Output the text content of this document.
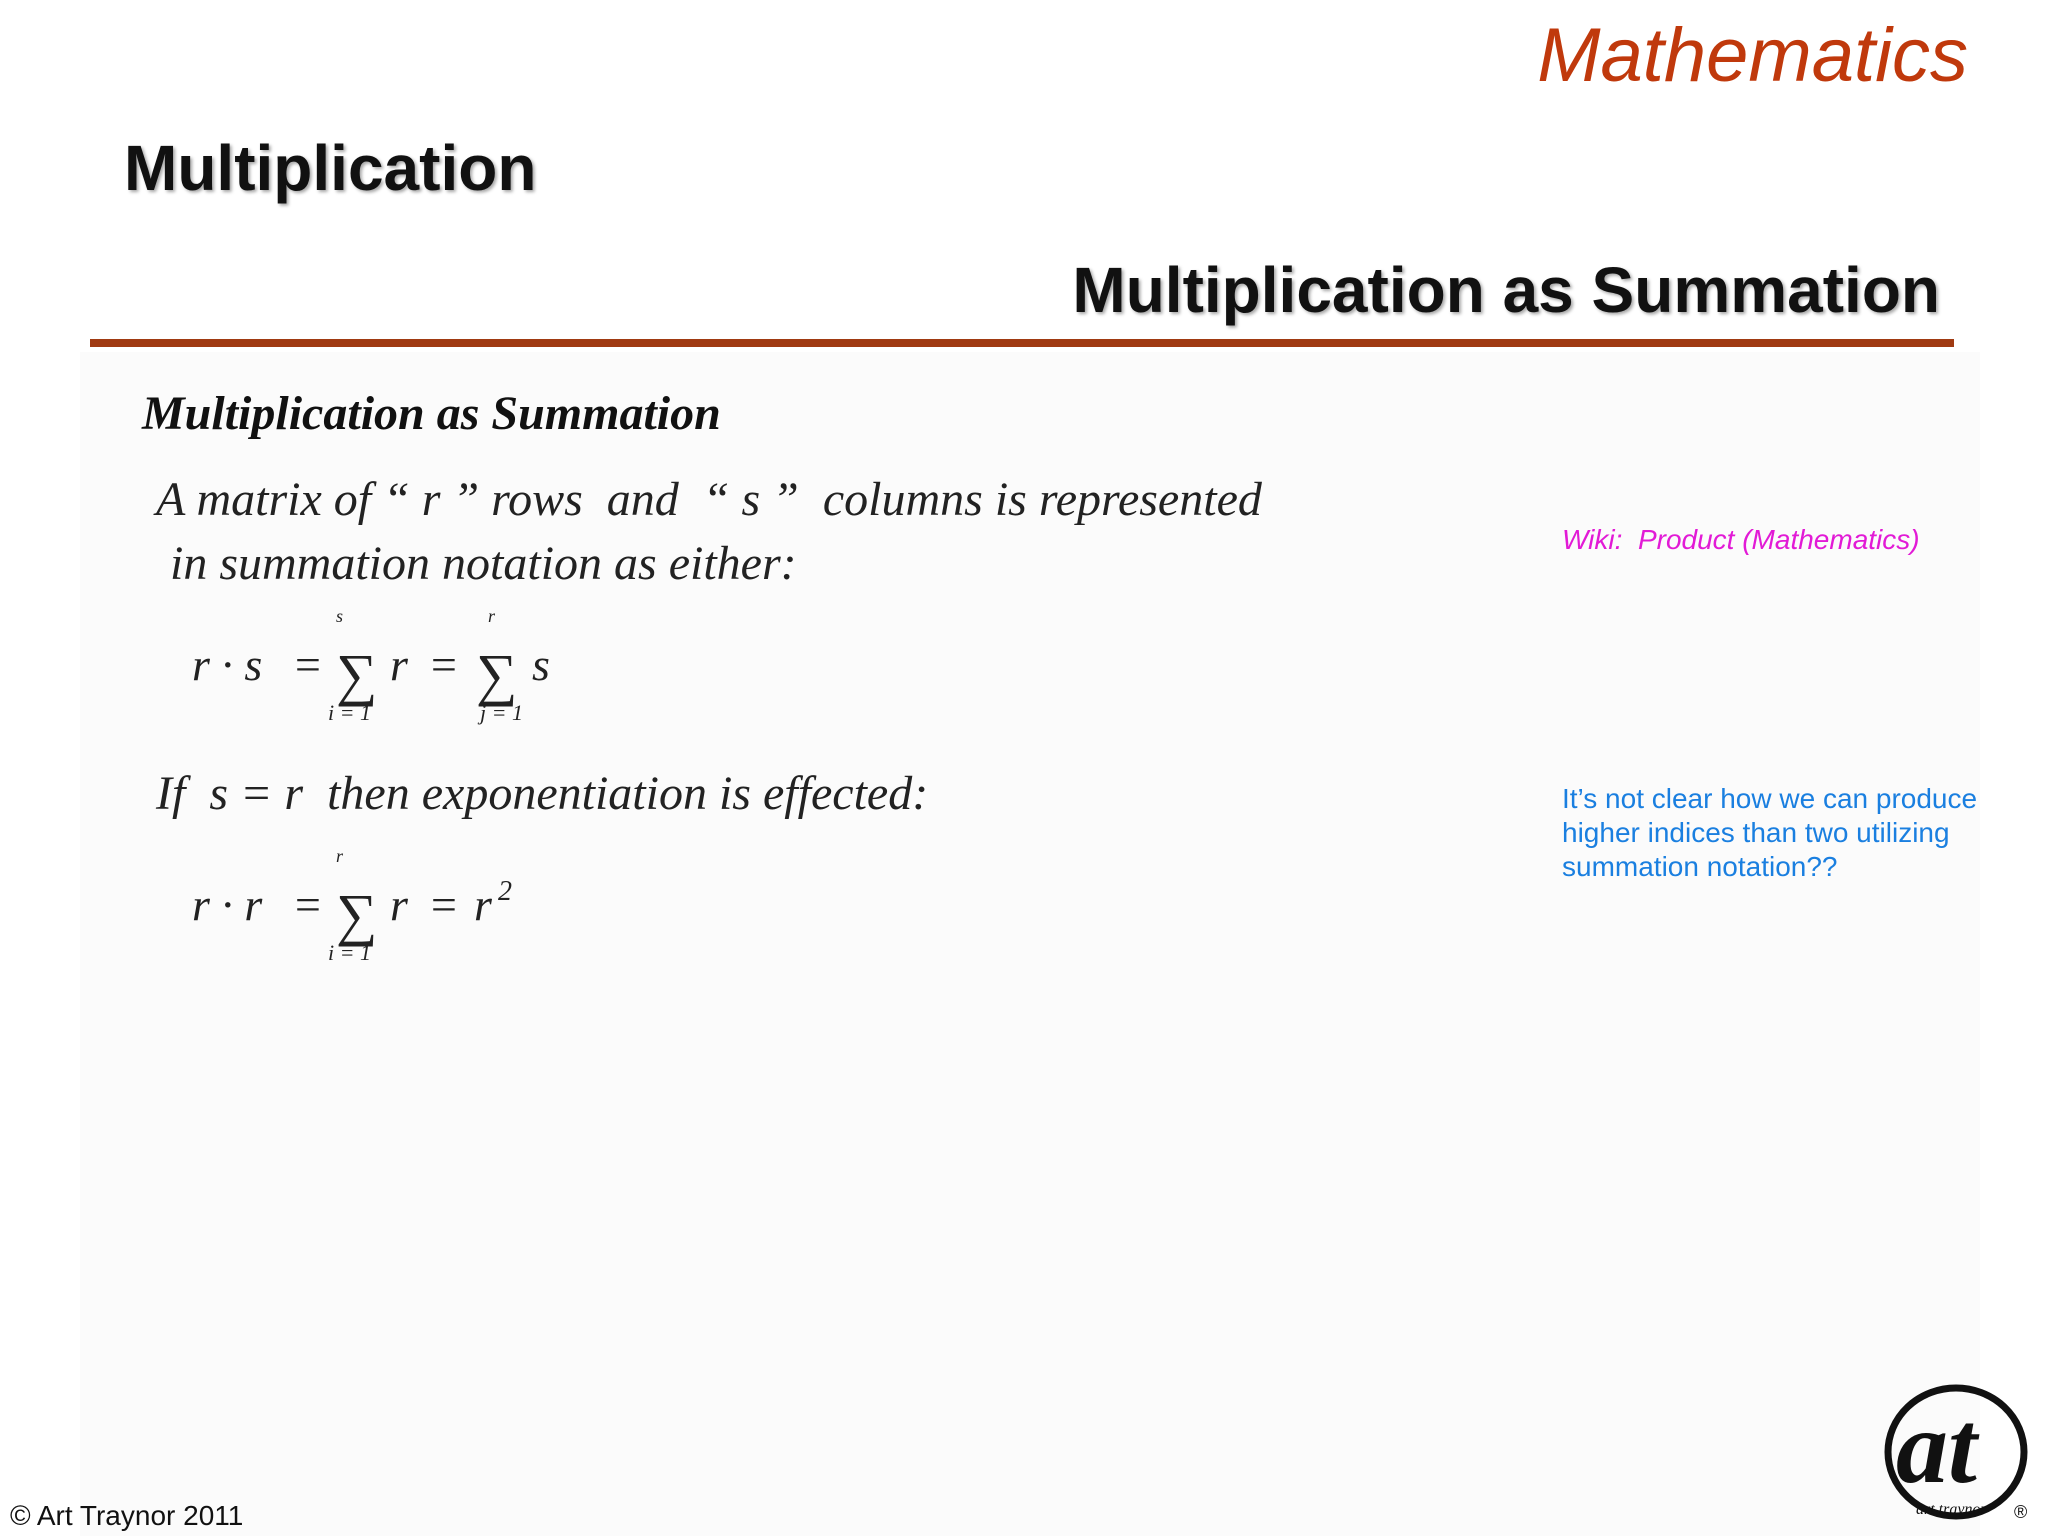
Mathematics
Multiplication
Multiplication as Summation
Multiplication as Summation
A matrix of “ r ” rows  and  “ s ”  columns is represented
in summation notation as either:
r · s =
s
∑
i = 1
r =
r
∑
j = 1
s
If  s = r  then exponentiation is effected:
r · r =
r
∑
i = 1
r = r 2
Wiki:  Product (Mathematics)
It’s not clear how we can produce
higher indices than two utilizing
summation notation??
© Art Traynor 2011
at
art traynor ®
